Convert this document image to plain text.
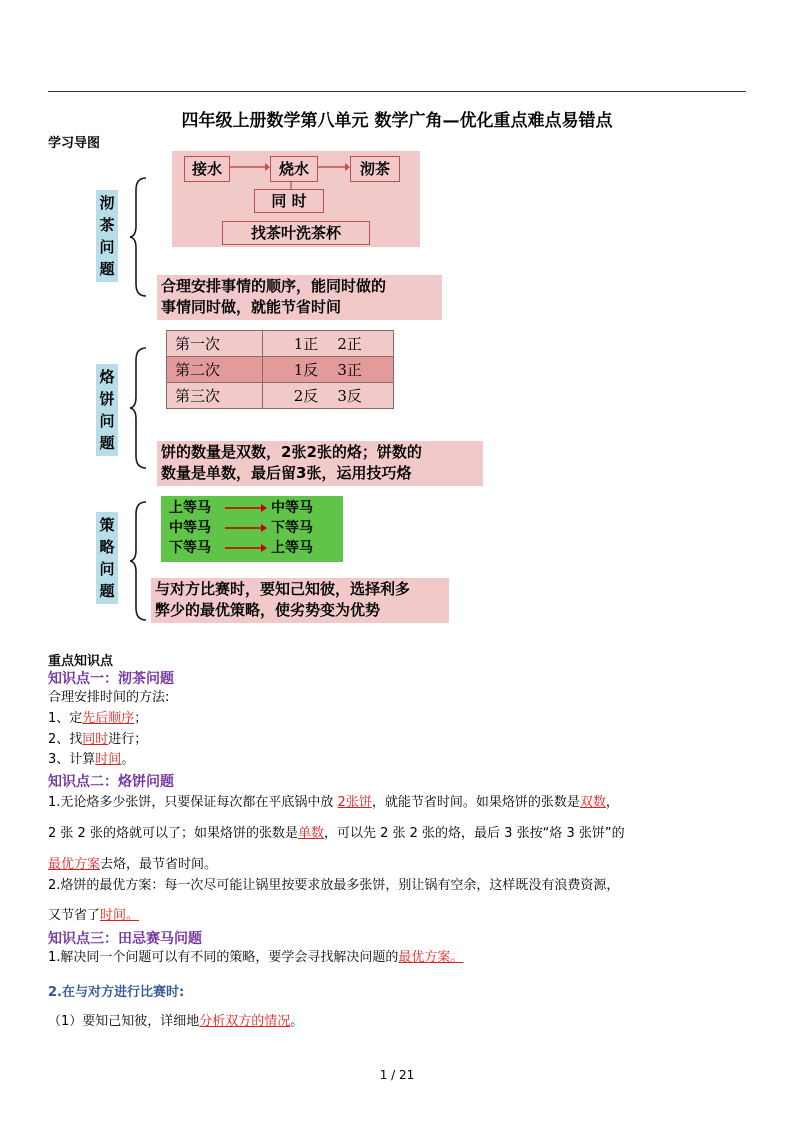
四年级上册数学第八单元 数学广角—优化重点难点易错点
学习导图
沏
茶
问
题
接水	烧水	沏茶
同 时
找茶叶洗茶杯
合理安排事情的顺序，能同时做的
事情同时做，就能节省时间
烙
饼
问
题
第一次	1正    2正
第二次	1反    3正
第三次	2反    3反
饼的数量是双数，2张2张的烙；饼数的
数量是单数，最后留3张，运用技巧烙
策
略
问
题
上等马	中等马
中等马	下等马
下等马	上等马
与对方比赛时，要知己知彼，选择利多
弊少的最优策略，使劣势变为优势
重点知识点
知识点一：沏茶问题
合理安排时间的方法:
1、定先后顺序；
2、找同时进行；
3、计算时间。
知识点二：烙饼问题
1.无论烙多少张饼，只要保证每次都在平底锅中放 2张饼，就能节省时间。如果烙饼的张数是双数，
2 张 2 张的烙就可以了；如果烙饼的张数是单数，可以先 2 张 2 张的烙，最后 3 张按“烙 3 张饼”的
最优方案去烙，最节省时间。
2.烙饼的最优方案：每一次尽可能让锅里按要求放最多张饼，别让锅有空余，这样既没有浪费资源，
又节省了时间。
知识点三：田忌赛马问题
1.解决同一个问题可以有不同的策略，要学会寻找解决问题的最优方案。
2.在与对方进行比赛时:
（1）要知己知彼，详细地分析双方的情况。
1 / 21
